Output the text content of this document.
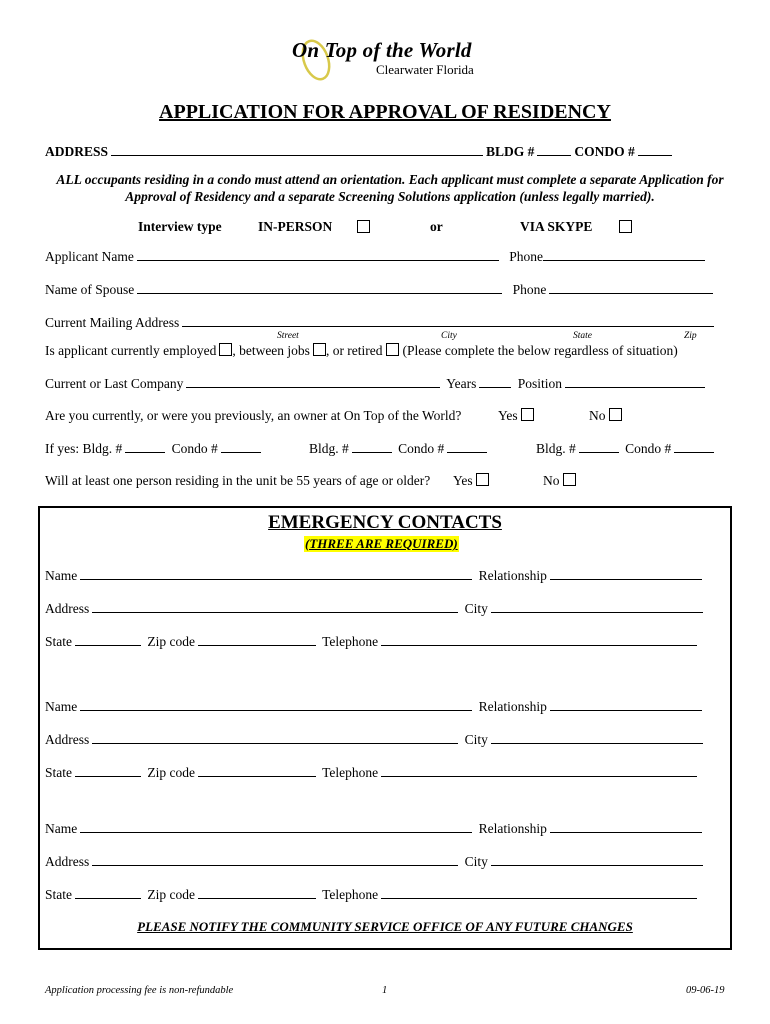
On Top of the World
Clearwater Florida
APPLICATION FOR APPROVAL OF RESIDENCY
ADDRESS	BLDG #	CONDO #
ALL occupants residing in a condo must attend an orientation. Each applicant must complete a separate Application for Approval of Residency and a separate Screening Solutions application (unless legally married).
Interview type	IN-PERSON	or	VIA SKYPE
Applicant Name	Phone
Name of Spouse	Phone
Current Mailing Address
Street	City	State	Zip
Is applicant currently employed , between jobs , or retired (Please complete the below regardless of situation)
Current or Last Company	Years	Position
Are you currently, or were you previously, an owner at On Top of the World?	Yes	No
If yes: Bldg. #	Condo #	Bldg. #	Condo #	Bldg. #	Condo #
Will at least one person residing in the unit be 55 years of age or older? Yes	No
EMERGENCY CONTACTS
(THREE ARE REQUIRED)
Name	Relationship
Address	City
State	Zip code	Telephone
Name	Relationship
Address	City
State	Zip code	Telephone
Name	Relationship
Address	City
State	Zip code	Telephone
PLEASE NOTIFY THE COMMUNITY SERVICE OFFICE OF ANY FUTURE CHANGES
Application processing fee is non-refundable	1	09-06-19
